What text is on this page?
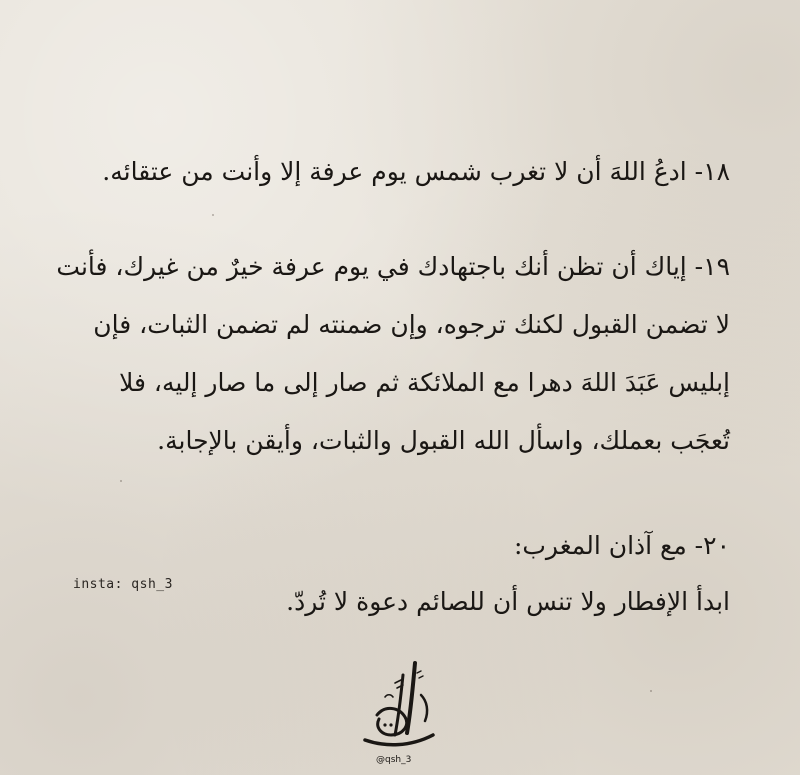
١٨- ادعُ اللهَ أن لا تغرب شمس يوم عرفة إلا وأنت من عتقائه.
١٩- إياك أن تظن أنك باجتهادك في يوم عرفة خيرٌ من غيرك، فأنت
لا تضمن القبول لكنك ترجوه، وإن ضمنته لم تضمن الثبات، فإن
إبليس عَبَدَ اللهَ دهرا مع الملائكة ثم صار إلى ما صار إليه، فلا
تُعجَب بعملك، واسأل الله القبول والثبات، وأيقن بالإجابة.
٢٠- مع آذان المغرب:
ابدأ الإفطار ولا تنس أن للصائم دعوة لا تُردّ.
insta: qsh_3
@qsh_3
